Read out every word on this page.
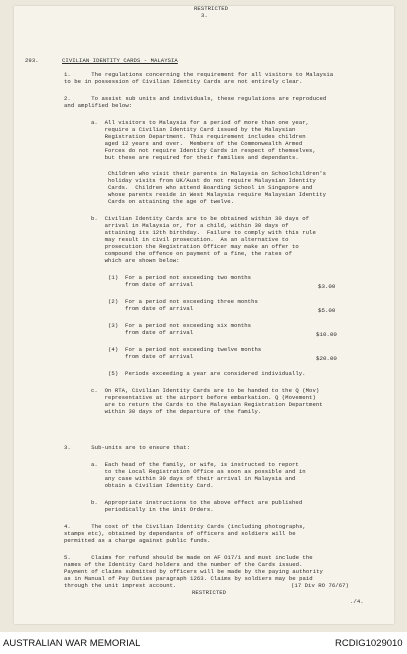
RESTRICTED
3.
293.	CIVILIAN IDENTITY CARDS - MALAYSIA
1.      The regulations concerning the requirement for all visitors to Malaysia
to be in possession of Civilian Identity Cards are not entirely clear.
2.      To assist sub units and individuals, these regulations are reproduced
and amplified below:
a.  All visitors to Malaysia for a period of more than one year,
require a Civilian Identity Card issued by the Malaysian
Registration Department. This requirement includes children
aged 12 years and over.  Members of the Commonwealth Armed
Forces do not require Identity Cards in respect of themselves,
but these are required for their families and dependants.
Children who visit their parents in Malaysia on Schoolchildren's
holiday visits from UK/Aust do not require Malaysian Identity
Cards.  Children who attend Boarding School in Singapore and
whose parents reside in West Malaysia require Malaysian Identity
Cards on attaining the age of twelve.
b.  Civilian Identity Cards are to be obtained within 30 days of
arrival in Malaysia or, for a child, within 30 days of
attaining its 12th birthday.  Failure to comply with this rule
may result in civil prosecution.  As an alternative to
prosecution the Registration Officer may make an offer to
compound the offence on payment of a fine, the rates of
which are shown below:
(1)  For a period not exceeding two months
from date of arrival	$3.00
(2)  For a period not exceeding three months
from date of arrival	$5.00
(3)  For a period not exceeding six months
from date of arrival	$10.00
(4)  For a period not exceeding twelve months
from date of arrival	$20.00
(5)  Periods exceeding a year are considered individually.
c.  On RTA, Civilian Identity Cards are to be handed to the Q (Mov)
representative at the airport before embarkation. Q (Movement)
are to return the Cards to the Malaysian Registration Department
within 30 days of the departure of the family.
3.      Sub-units are to ensure that:
a.  Each head of the family, or wife, is instructed to report
to the Local Registration Office as soon as possible and in
any case within 30 days of their arrival in Malaysia and
obtain a Civilian Identity Card.
b.  Appropriate instructions to the above effect are published
periodically in the Unit Orders.
4.      The cost of the Civilian Identity Cards (including photographs,
stamps etc), obtained by dependants of officers and soldiers will be
permitted as a charge against public funds.
5.      Claims for refund should be made on AF O17/1 and must include the
names of the Identity Card holders and the number of the Cards issued.
Payment of claims submitted by officers will be made by the paying authority
as in Manual of Pay Duties paragraph 1263. Claims by soldiers may be paid
through the unit imprest account.	(17 Div RO 76/67)
RESTRICTED
./4.
AUSTRALIAN WAR MEMORIAL	RCDIG1029010
